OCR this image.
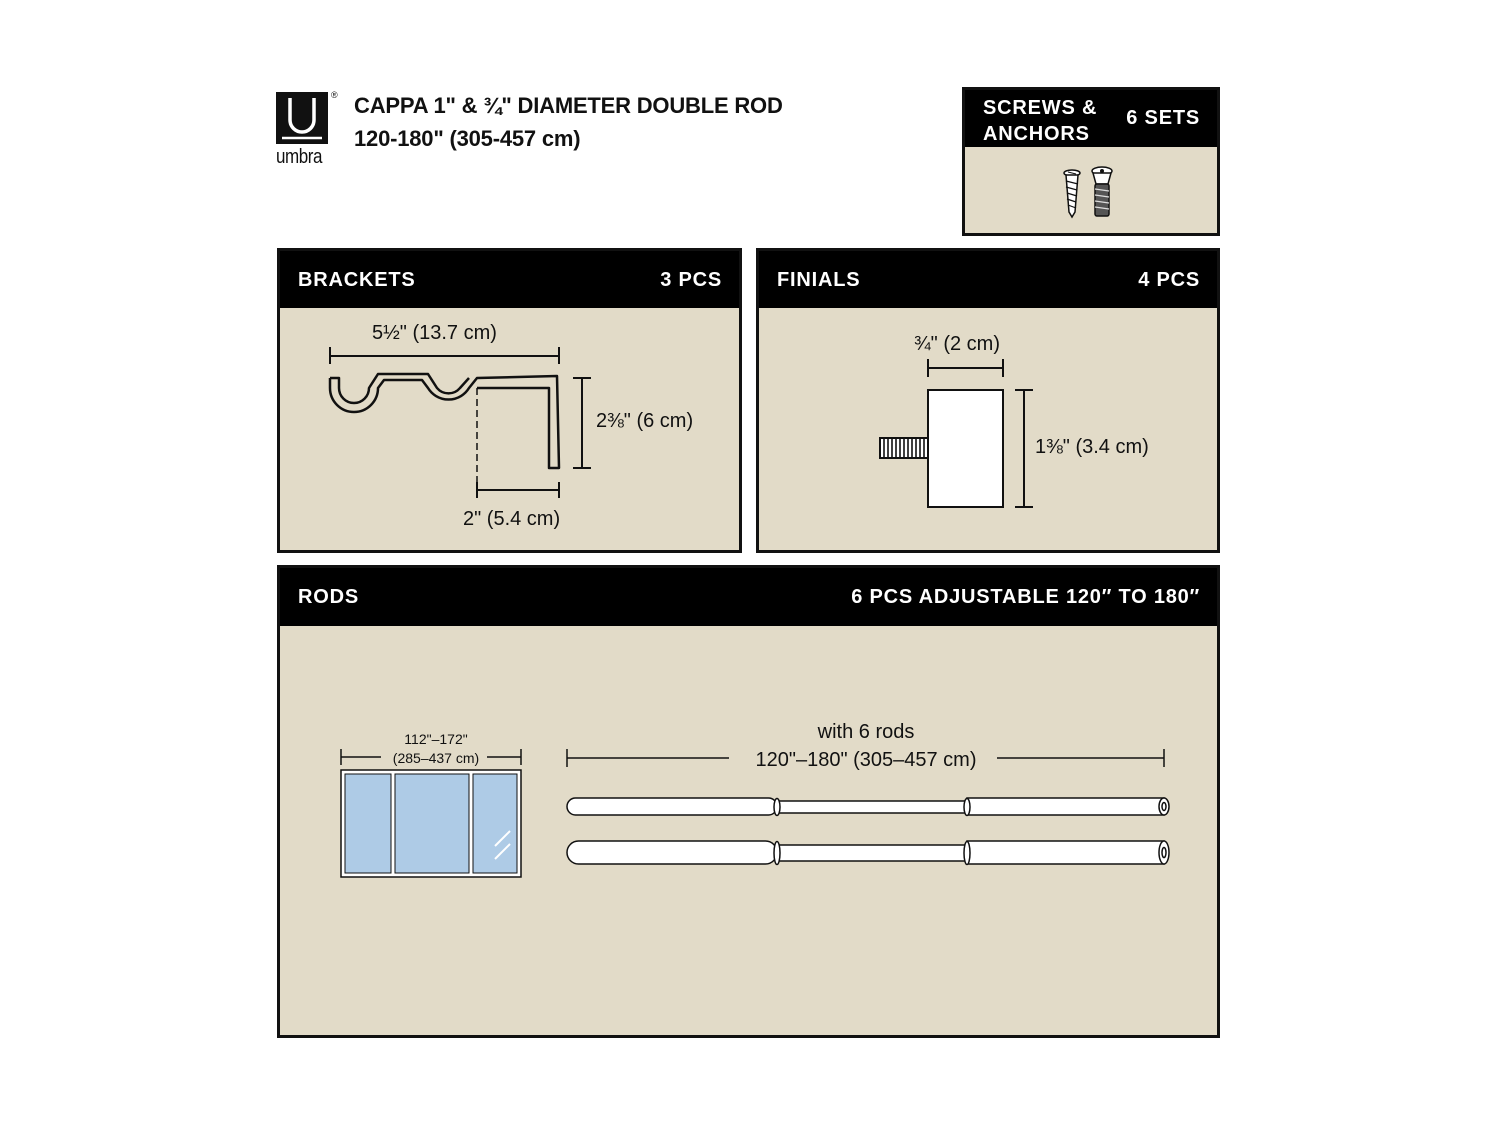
®
umbra
CAPPA 1" & ¾" DIAMETER DOUBLE ROD
120-180" (305-457 cm)
SCREWS &
ANCHORS
6 SETS
BRACKETS	3 PCS
5½" (13.7 cm)
2⅜" (6 cm)
2" (5.4 cm)
FINIALS	4 PCS
¾" (2 cm)
1⅜" (3.4 cm)
RODS	6 PCS ADJUSTABLE 120″ TO 180″
112"–172"
(285–437 cm)
with 6 rods
120"–180" (305–457 cm)
